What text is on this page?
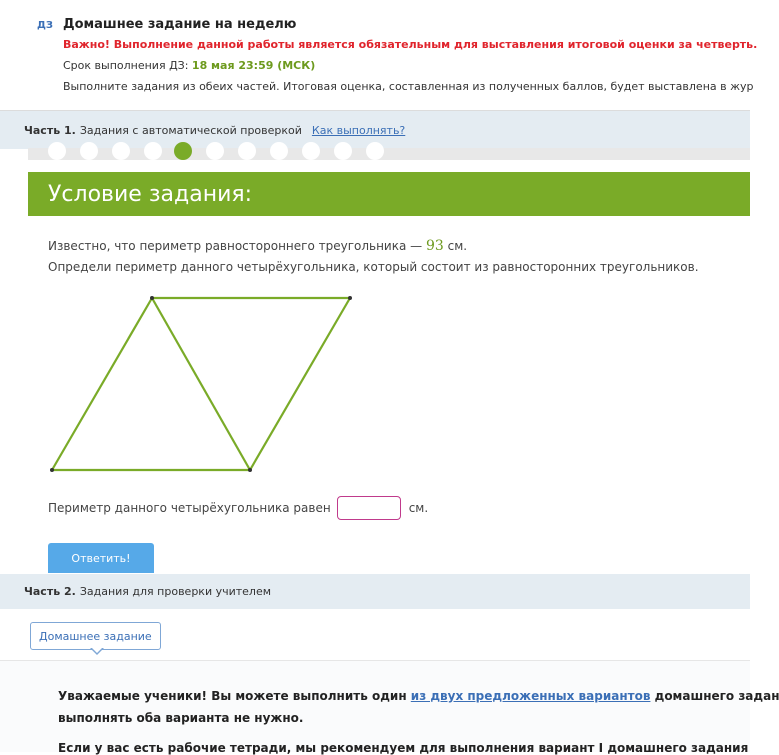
ДЗ Домашнее задание на неделю
Важно! Выполнение данной работы является обязательным для выставления итоговой оценки за четверть.
Срок выполнения ДЗ: 18 мая 23:59 (МСК)
Выполните задания из обеих частей. Итоговая оценка, составленная из полученных баллов, будет выставлена в жур
Часть 1. Задания с автоматической проверкой Как выполнять?
Условие задания:
Известно, что периметр равностороннего треугольника — 93 см.
Определи периметр данного четырёхугольника, который состоит из равносторонних треугольников.
Периметр данного четырёхугольника равен	см.
Ответить!
Часть 2. Задания для проверки учителем
Домашнее задание
Уважаемые ученики! Вы можете выполнить один из двух предложенных вариантов домашнего задан
выполнять оба варианта не нужно.
Если у вас есть рабочие тетради, мы рекомендуем для выполнения вариант I домашнего задания
